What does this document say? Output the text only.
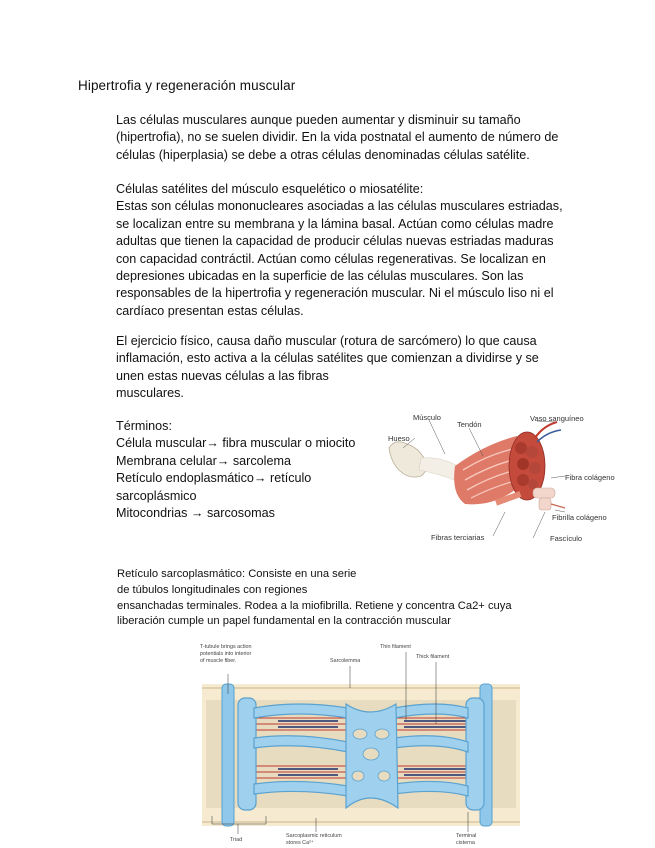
Hipertrofia y regeneración muscular
Las células musculares aunque pueden aumentar y disminuir su tamaño
(hipertrofia), no se suelen dividir. En la vida postnatal el aumento de número de
células (hiperplasia) se debe a otras células denominadas células satélite.
Células satélites del músculo esquelético o miosatélite:
Estas son células mononucleares asociadas a las células musculares estriadas,
se localizan entre su membrana y la lámina basal. Actúan como células madre
adultas que tienen la capacidad de producir células nuevas estriadas maduras
con capacidad contráctil. Actúan como células regenerativas. Se localizan en
depresiones ubicadas en la superficie de las células musculares. Son las
responsables de la hipertrofia y regeneración muscular. Ni el músculo liso ni el
cardíaco presentan estas células.
El ejercicio físico, causa daño muscular (rotura de sarcómero) lo que causa
inflamación, esto activa a la células satélites que comienzan a dividirse y se
unen estas nuevas células a las fibras
musculares.
Términos:
Célula muscular→ fibra muscular o miocito
Membrana celular→ sarcolema
Retículo endoplasmático→ retículo
sarcoplásmico
Mitocondrias → sarcosomas
Músculo
Tendón
Vaso sanguíneo
Hueso
Fibra colágeno
Fibrilla colágeno
Fibras terciarias	Fascículo
Retículo sarcoplasmático: Consiste en una serie
de túbulos longitudinales con regiones
ensanchadas terminales. Rodea a la miofibrilla. Retiene y concentra Ca2+ cuya
liberación cumple un papel fundamental en la contracción muscular
T-tubule brings action
potentials into interior
of muscle fiber.	Sarcolemma
Thin filament
Thick filament
Triad
Sarcoplasmic reticulum
stores Ca²⁺
Terminal
cisterna
